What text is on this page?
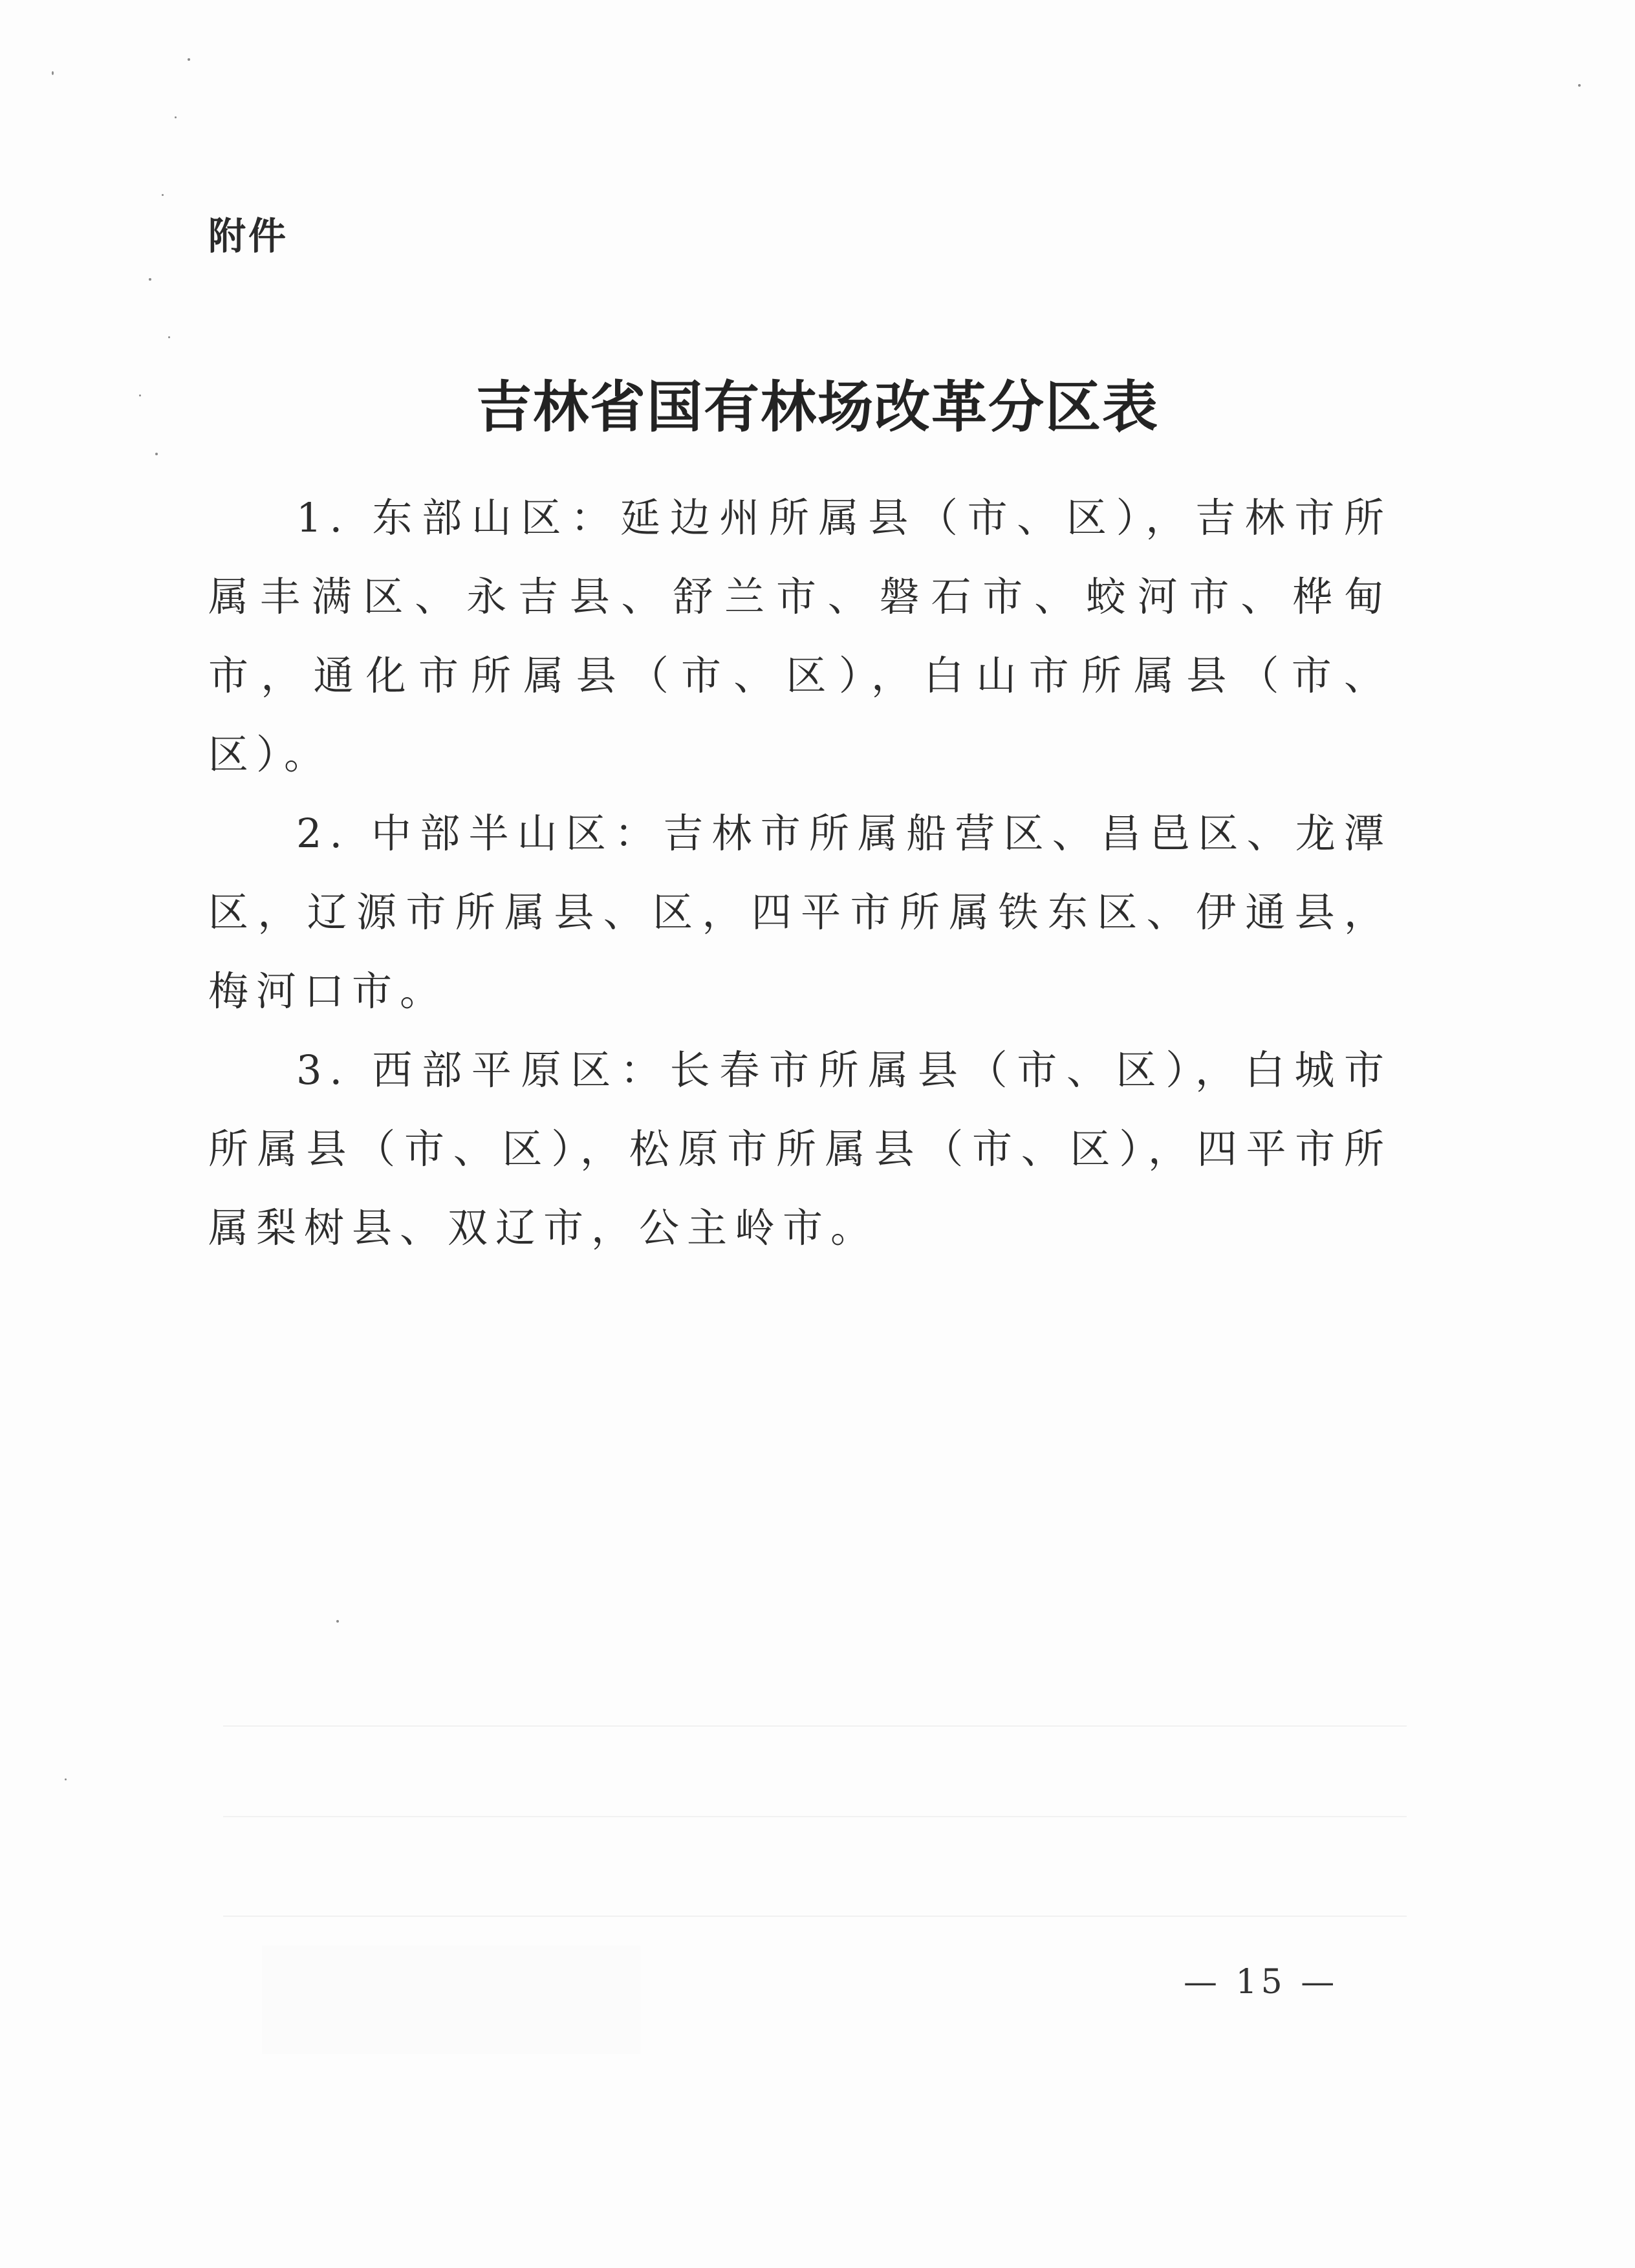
附件
吉林省国有林场改革分区表

1. 东部山区：延边州所属县（市、区），吉林市所属丰满区、永吉县、舒兰市、磐石市、蛟河市、桦甸市，通化市所属县（市、区），白山市所属县（市、区）。

2. 中部半山区：吉林市所属船营区、昌邑区、龙潭区，辽源市所属县、区，四平市所属铁东区、伊通县，梅河口市。

3. 西部平原区：长春市所属县（市、区），白城市所属县（市、区），松原市所属县（市、区），四平市所属梨树县、双辽市，公主岭市。

— 15 —
